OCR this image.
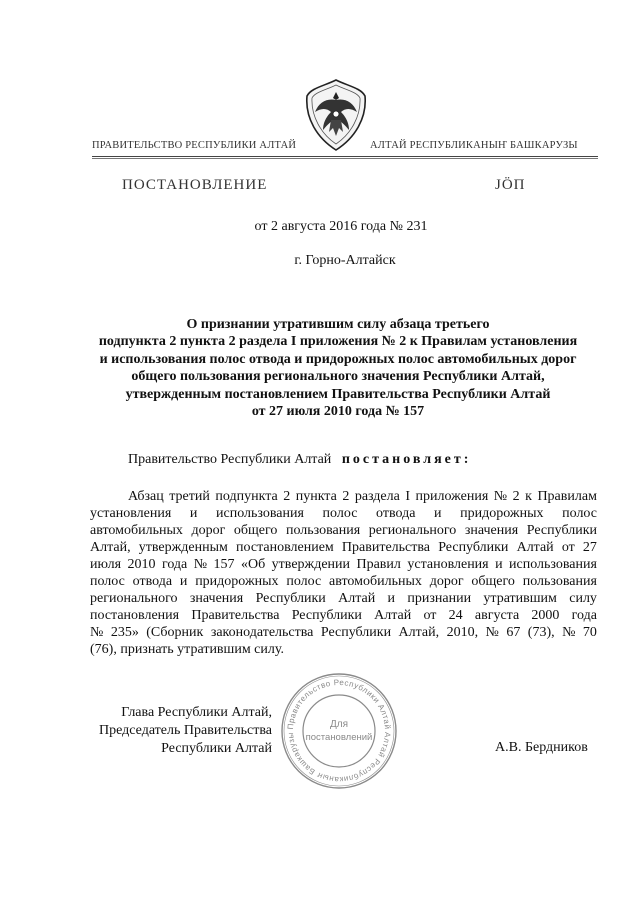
ПРАВИТЕЛЬСТВО РЕСПУБЛИКИ АЛТАЙ	АЛТАЙ РЕСПУБЛИКАНЫҤ БАШКАРУЗЫ
ПОСТАНОВЛЕНИЕ	ЈÖП
от 2 августа 2016 года № 231
г. Горно-Алтайск
О признании утратившим силу абзаца третьего
подпункта 2 пункта 2 раздела I приложения № 2 к Правилам установления
и использования полос отвода и придорожных полос автомобильных дорог
общего пользования регионального значения Республики Алтай,
утвержденным постановлением Правительства Республики Алтай
от 27 июля 2010 года № 157
Правительство Республики Алтай постановляет:
Абзац третий подпункта 2 пункта 2 раздела I приложения № 2 к Правилам
установления и использования полос отвода и придорожных полос
автомобильных дорог общего пользования регионального значения Республики
Алтай, утвержденным постановлением Правительства Республики Алтай от 27
июля 2010 года № 157 «Об утверждении Правил установления и использования
полос отвода и придорожных полос автомобильных дорог общего пользования
регионального значения Республики Алтай и признании утратившим силу
постановления Правительства Республики Алтай от 24 августа 2000 года
№ 235» (Сборник законодательства Республики Алтай, 2010, № 67 (73), № 70
(76), признать утратившим силу.
Правительство Республики Алтай
Алтай Республиканыҥ Башкарузы
Для
постановлений
Глава Республики Алтай,
Председатель Правительства
Республики Алтай	А.В. Бердников
